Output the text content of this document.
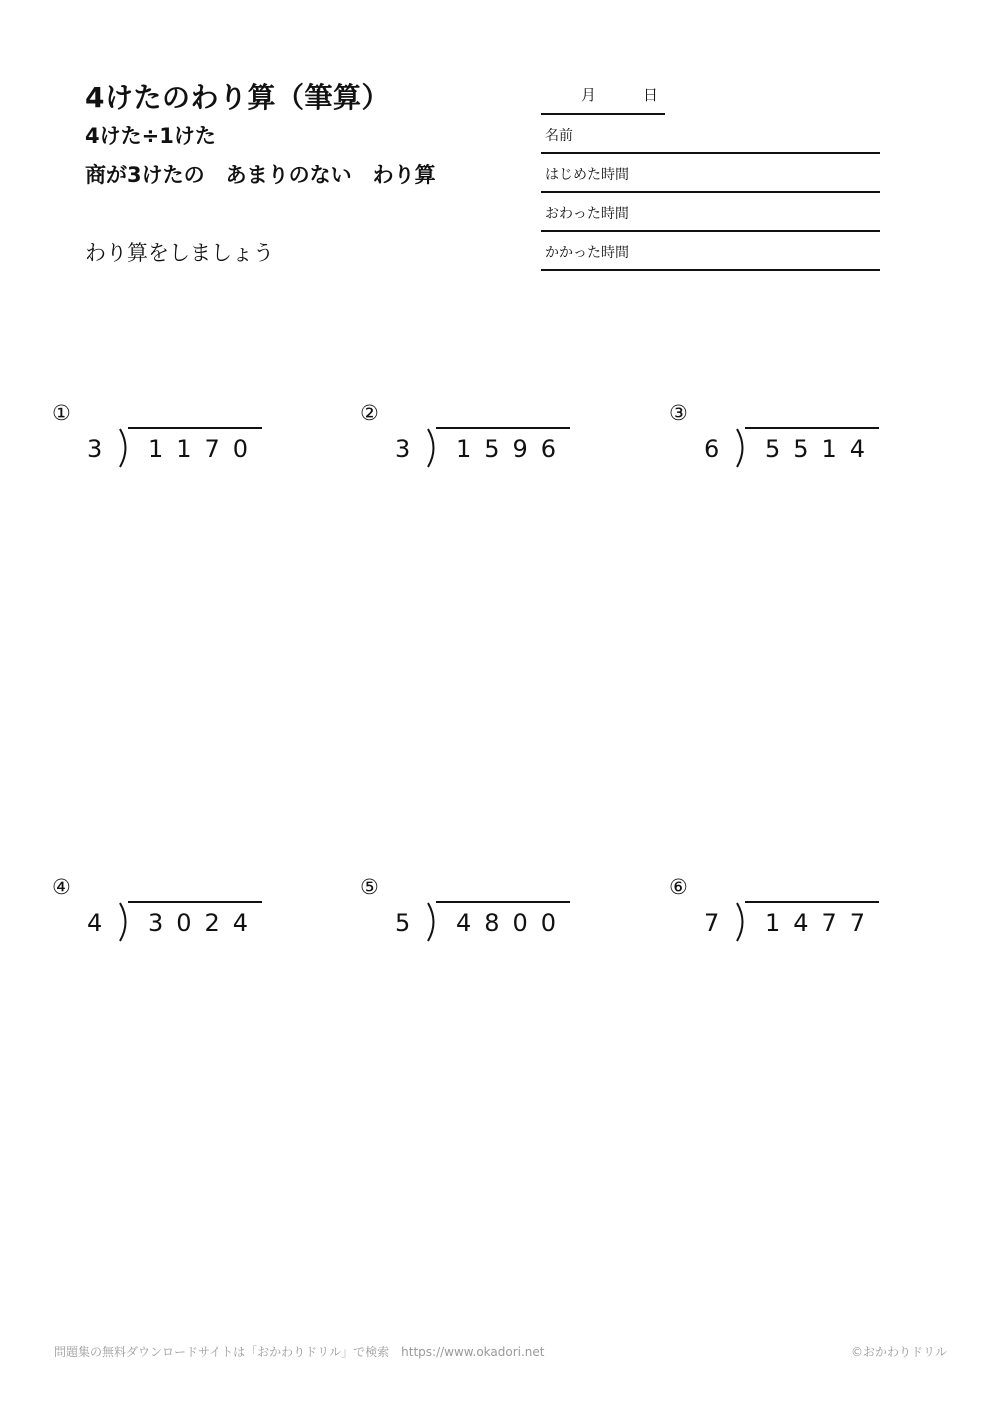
4けたのわり算（筆算）
4けた÷1けた
商が3けたの　あまりのない　わり算
わり算をしましょう
月	日
名前
はじめた時間
おわった時間
かかった時間
①
3 1170
②
3 1596
③
6 5514
④
4 3024
⑤
5 4800
⑥
7 1477
問題集の無料ダウンロードサイトは「おかわりドリル」で検索　https://www.okadori.net	©おかわりドリル
